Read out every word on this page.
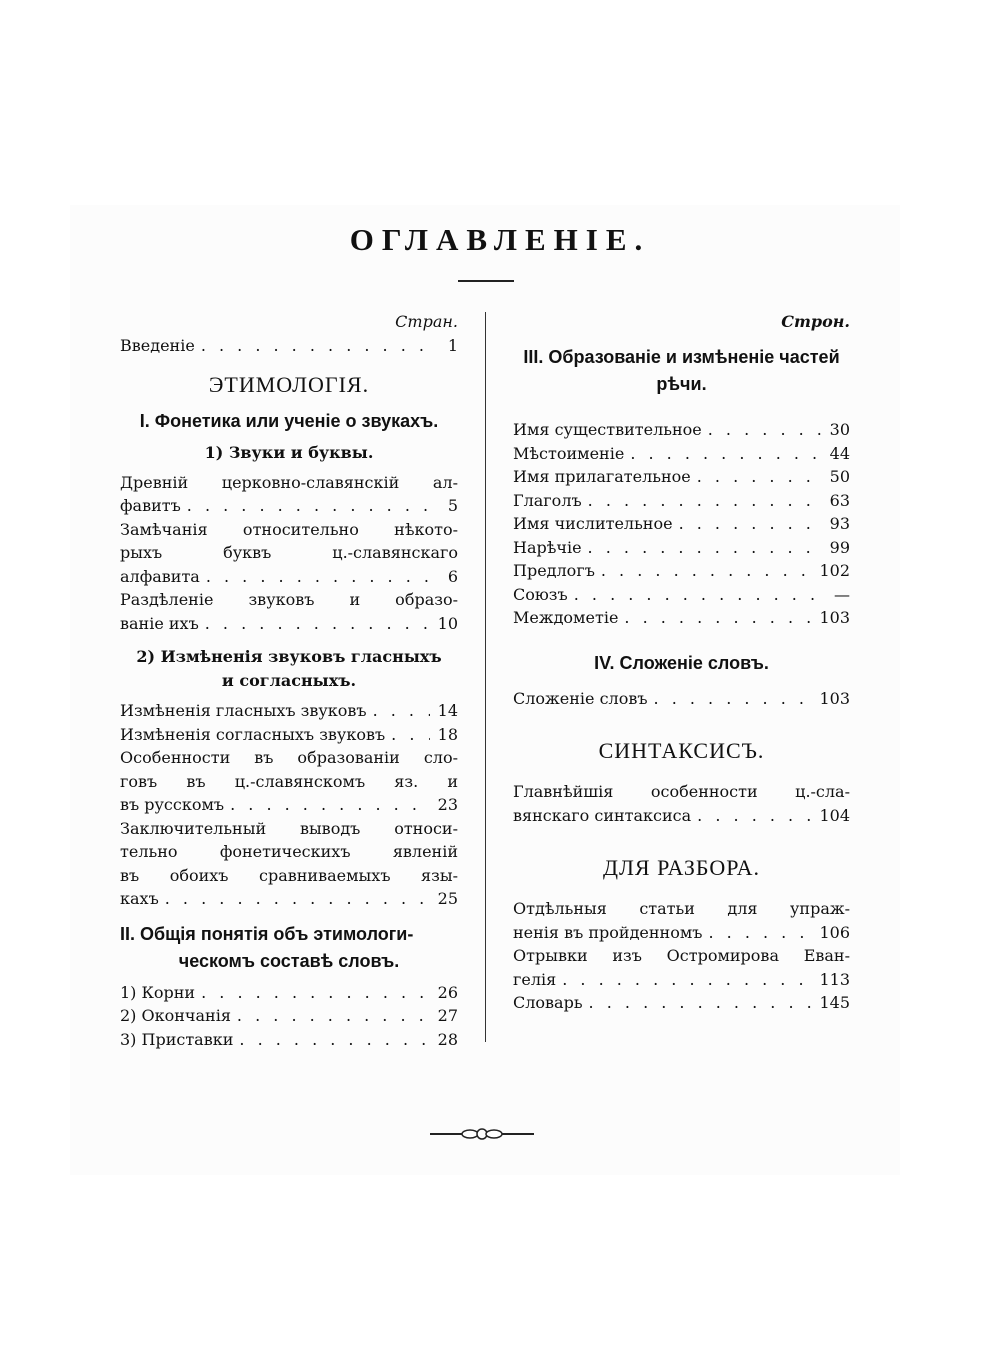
ОГЛАВЛЕНIЕ.
Стран.
Введенiе . . .	1
ЭТИМОЛОГIЯ.
I. Фонетика или ученiе о звукахъ.
1) Звуки и буквы.
Древнiй церковно-славянскiй ал-
фавитъ . . .	5
Замѣчанiя относительно нѣкото-
рыхъ буквъ ц.-славянскаго
алфавита . . .	6
Раздѣленiе звуковъ и образо-
ванiе ихъ . . .	10
2) Измѣненiя звуковъ гласныхъ
и согласныхъ.
Измѣненiя гласныхъ звуковъ . . .	14
Измѣненiя согласныхъ звуковъ . . .	18
Особенности въ образованiи сло-
говъ въ ц.-славянскомъ яз. и
въ русскомъ . . .	23
Заключительный выводъ относи-
тельно фонетическихъ явленiй
въ обоихъ сравниваемыхъ язы-
кахъ . . .	25
II. Общiя понятiя объ этимологи-
ческомъ составѣ словъ.
1) Корни . . .	26
2) Окончанiя . . .	27
3) Приставки . . .	28
Строн.
III. Образованiе и измѣненiе частей
рѣчи.
Имя существительное . . .	30
Мѣстоименiе . . .	44
Имя прилагательное . . .	50
Глаголъ . . .	63
Имя числительное . . .	93
Нарѣчiе . . .	99
Предлогъ . . .	102
Союзъ . . .	—
Междометiе . . .	103
IV. Сложенiе словъ.
Сложенiе словъ . . .	103
СИНТАКСИСЪ.
Главнѣйшiя особенности ц.-сла-
вянскаго синтаксиса . . .	104
ДЛЯ РАЗБОРА.
Отдѣльныя статьи для упраж-
ненiя въ пройденномъ . . .	106
Отрывки изъ Остромирова Еван-
гелiя . . .	113
Словарь . . .	145
